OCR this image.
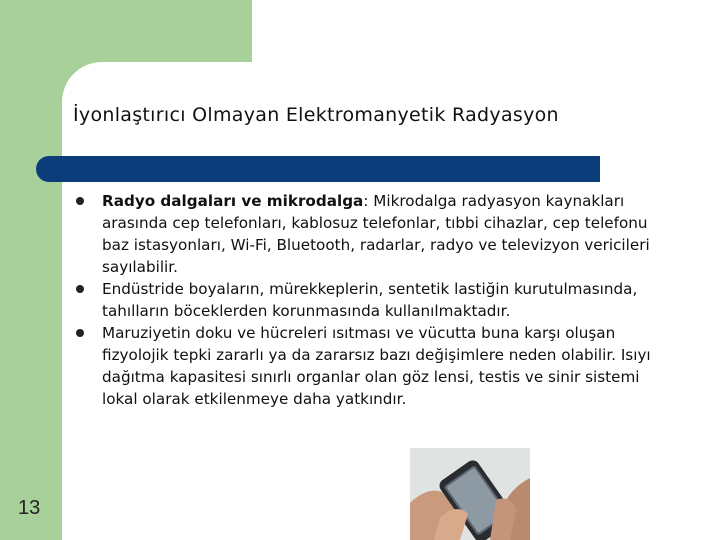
İyonlaştırıcı Olmayan Elektromanyetik Radyasyon
Radyo dalgaları ve mikrodalga: Mikrodalga radyasyon kaynakları arasında cep telefonları, kablosuz telefonlar, tıbbi cihazlar, cep telefonu baz istasyonları, Wi-Fi, Bluetooth, radarlar, radyo ve televizyon vericileri sayılabilir.
Endüstride boyaların, mürekkeplerin, sentetik lastiğin kurutulmasında, tahılların böceklerden korunmasında kullanılmaktadır.
Maruziyetin doku ve hücreleri ısıtması ve vücutta buna karşı oluşan fizyolojik tepki zararlı ya da zararsız bazı değişimlere neden olabilir. Isıyı dağıtma kapasitesi sınırlı organlar olan göz lensi, testis ve sinir sistemi lokal olarak etkilenmeye daha yatkındır.
13
